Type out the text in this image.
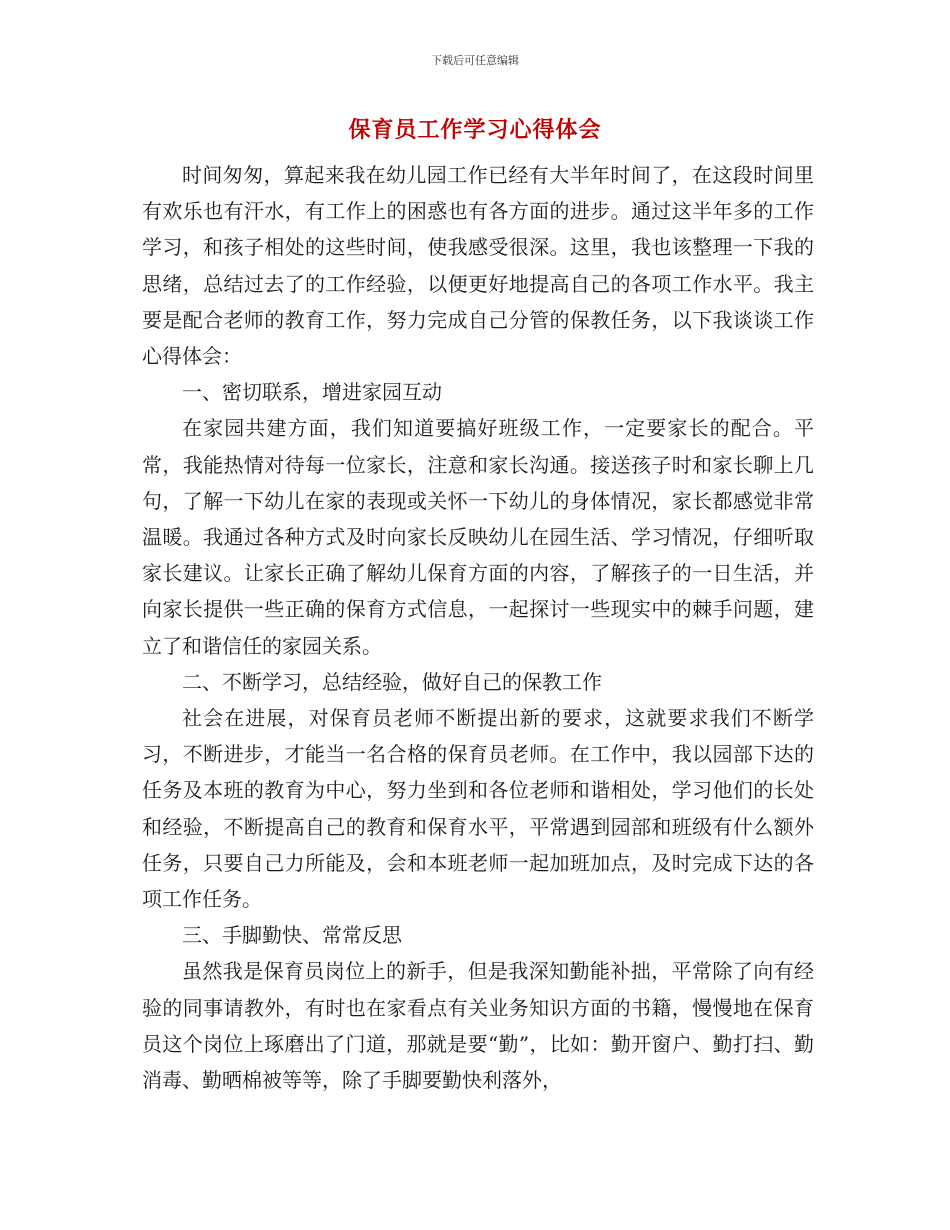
下载后可任意编辑
保育员工作学习心得体会

时间匆匆，算起来我在幼儿园工作已经有大半年时间了，在这段时间里有欢乐也有汗水，有工作上的困惑也有各方面的进步。通过这半年多的工作学习，和孩子相处的这些时间，使我感受很深。这里，我也该整理一下我的思绪，总结过去了的工作经验，以便更好地提高自己的各项工作水平。我主要是配合老师的教育工作，努力完成自己分管的保教任务，以下我谈谈工作心得体会：

一、密切联系，增进家园互动

在家园共建方面，我们知道要搞好班级工作，一定要家长的配合。平常，我能热情对待每一位家长，注意和家长沟通。接送孩子时和家长聊上几句，了解一下幼儿在家的表现或关怀一下幼儿的身体情况，家长都感觉非常温暖。我通过各种方式及时向家长反映幼儿在园生活、学习情况，仔细听取家长建议。让家长正确了解幼儿保育方面的内容，了解孩子的一日生活，并向家长提供一些正确的保育方式信息，一起探讨一些现实中的棘手问题，建立了和谐信任的家园关系。

二、不断学习，总结经验，做好自己的保教工作

社会在进展，对保育员老师不断提出新的要求，这就要求我们不断学习，不断进步，才能当一名合格的保育员老师。在工作中，我以园部下达的任务及本班的教育为中心，努力坐到和各位老师和谐相处，学习他们的长处和经验，不断提高自己的教育和保育水平，平常遇到园部和班级有什么额外任务，只要自己力所能及，会和本班老师一起加班加点，及时完成下达的各项工作任务。

三、手脚勤快、常常反思

虽然我是保育员岗位上的新手，但是我深知勤能补拙，平常除了向有经验的同事请教外，有时也在家看点有关业务知识方面的书籍，慢慢地在保育员这个岗位上琢磨出了门道，那就是要“勤”，比如：勤开窗户、勤打扫、勤消毒、勤晒棉被等等，除了手脚要勤快利落外，
